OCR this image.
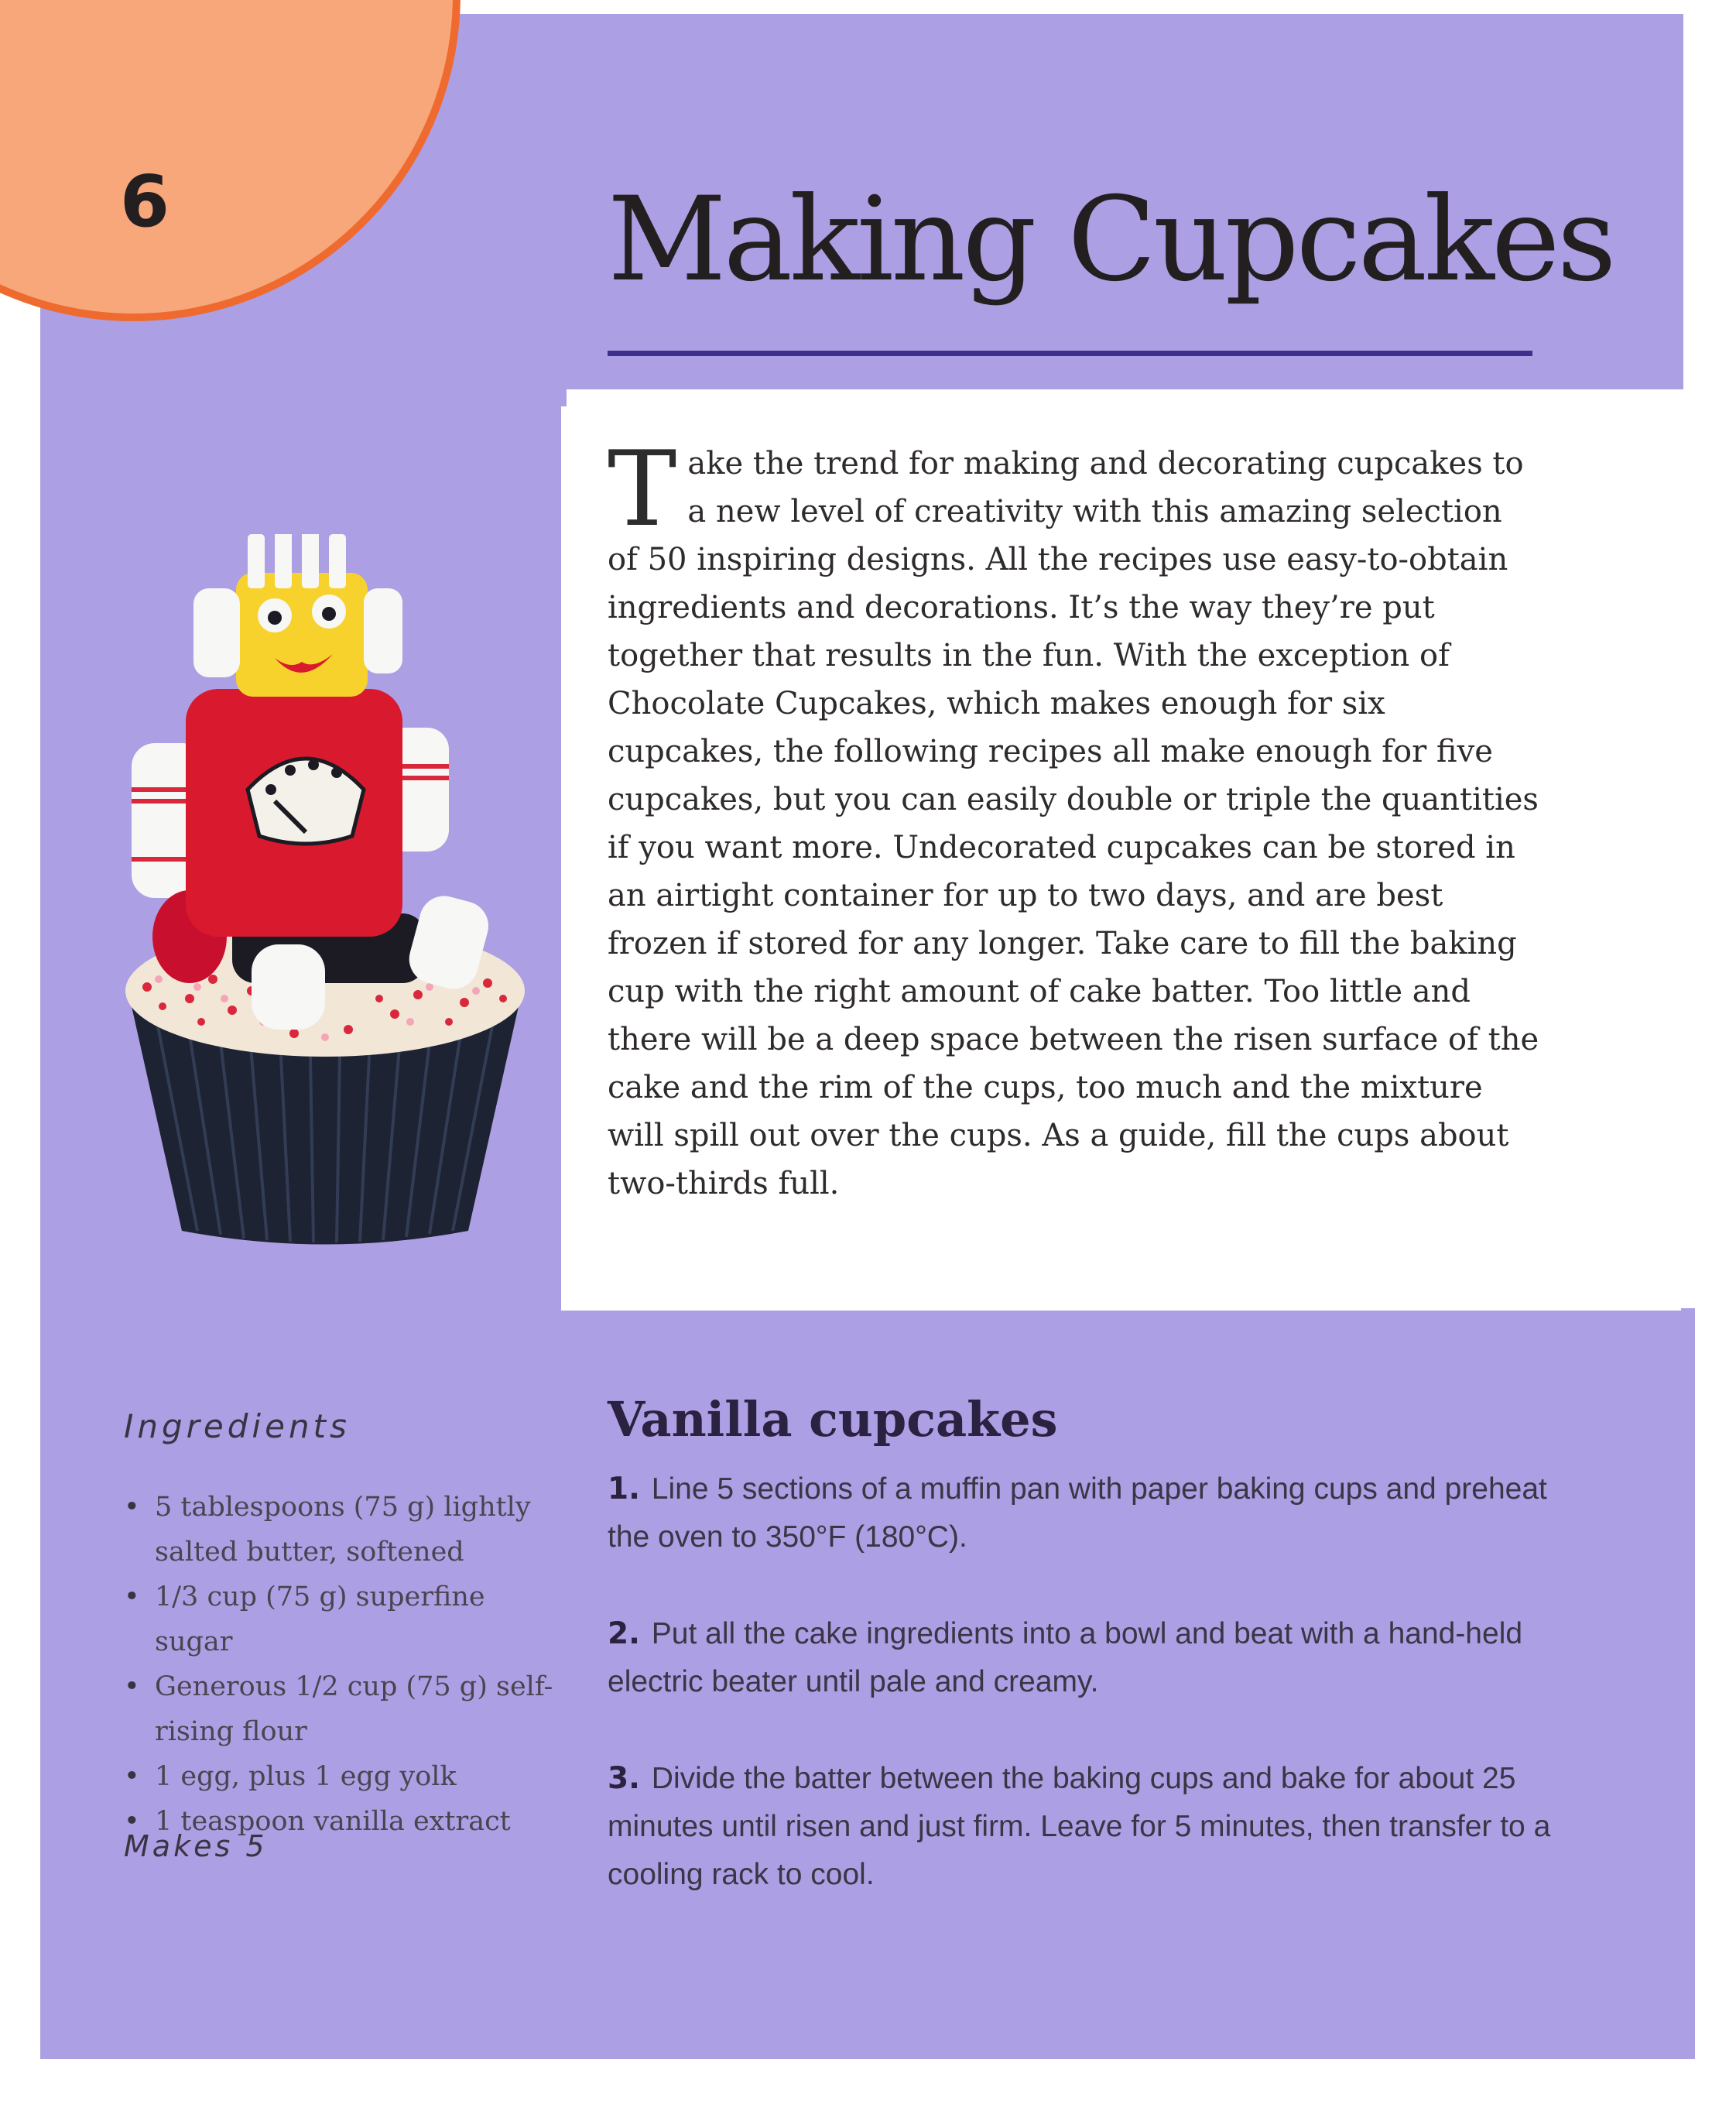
6	Making Cupcakes

Take the trend for making and decorating cupcakes to a new level of creativity with this amazing selection of 50 inspiring designs. All the recipes use easy-to-obtain ingredients and decorations. It’s the way they’re put together that results in the fun. With the exception of Chocolate Cupcakes, which makes enough for six cupcakes, the following recipes all make enough for five cupcakes, but you can easily double or triple the quantities if you want more. Undecorated cupcakes can be stored in an airtight container for up to two days, and are best frozen if stored for any longer. Take care to fill the baking cup with the right amount of cake batter. Too little and there will be a deep space between the risen surface of the cake and the rim of the cups, too much and the mixture will spill out over the cups. As a guide, fill the cups about two-thirds full.

Ingredients
• 5 tablespoons (75 g) lightly salted butter, softened
• 1/3 cup (75 g) superfine sugar
• Generous 1/2 cup (75 g) self-rising flour
• 1 egg, plus 1 egg yolk
• 1 teaspoon vanilla extract
Makes 5
Vanilla cupcakes
1. Line 5 sections of a muffin pan with paper baking cups and preheat the oven to 350°F (180°C).
2. Put all the cake ingredients into a bowl and beat with a hand-held electric beater until pale and creamy.
3. Divide the batter between the baking cups and bake for about 25 minutes until risen and just firm. Leave for 5 minutes, then transfer to a cooling rack to cool.
